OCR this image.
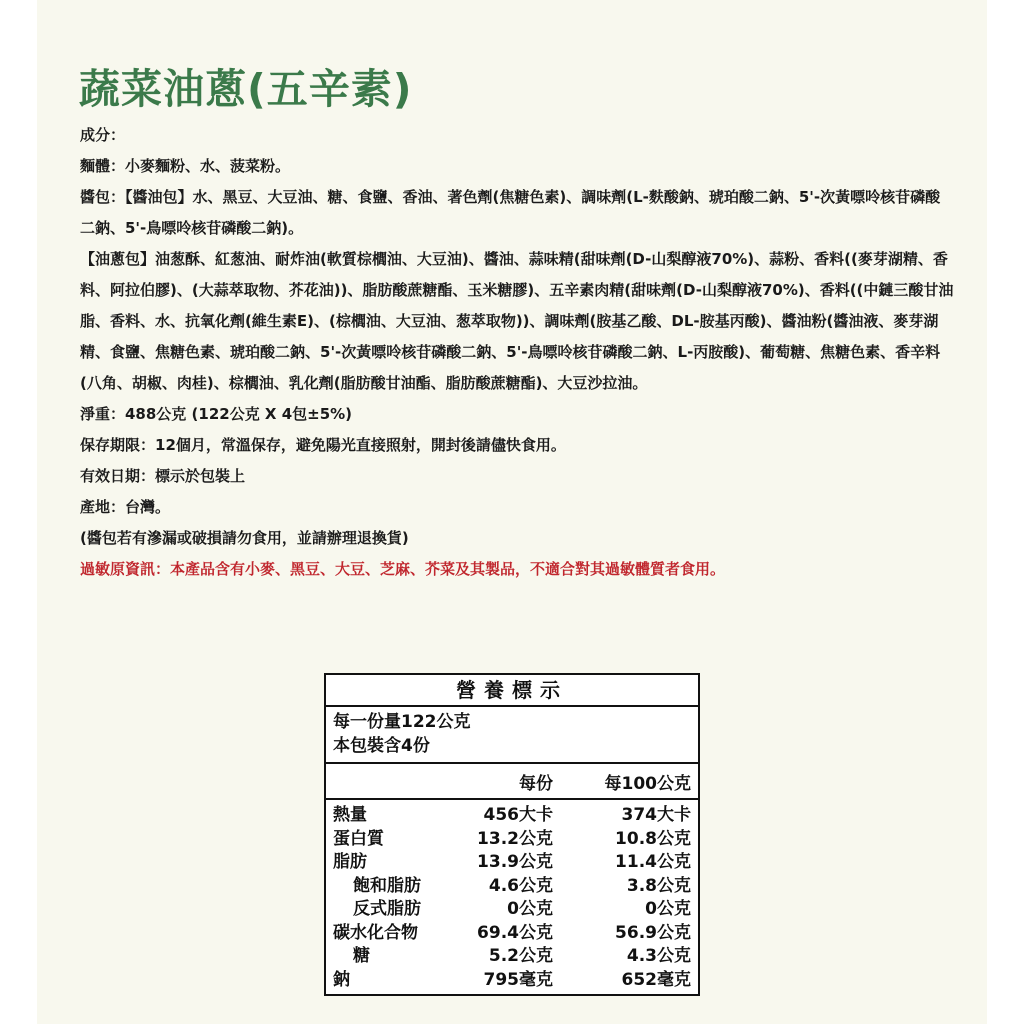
蔬菜油蔥(五辛素)

成分：

麵體：小麥麵粉、水、菠菜粉。

醬包：【醬油包】水、黑豆、大豆油、糖、食鹽、香油、著色劑(焦糖色素)、調味劑(L-麩酸鈉、琥珀酸二鈉、5'-次黃嘌呤核苷磷酸二鈉、5'-鳥嘌呤核苷磷酸二鈉)。

【油蔥包】油葱酥、紅葱油、耐炸油(軟質棕櫚油、大豆油)、醬油、蒜味精(甜味劑(D-山梨醇液70%)、蒜粉、香料((麥芽湖精、香料、阿拉伯膠)、(大蒜萃取物、芥花油))、脂肪酸蔗糖酯、玉米糖膠)、五辛素肉精(甜味劑(D-山梨醇液70%)、香料((中鏈三酸甘油脂、香料、水、抗氧化劑(維生素E)、(棕櫚油、大豆油、葱萃取物))、調味劑(胺基乙酸、DL-胺基丙酸)、醬油粉(醬油液、麥芽湖精、食鹽、焦糖色素、琥珀酸二鈉、5'-次黃嘌呤核苷磷酸二鈉、5'-鳥嘌呤核苷磷酸二鈉、L-丙胺酸)、葡萄糖、焦糖色素、香辛料(八角、胡椒、肉桂)、棕櫚油、乳化劑(脂肪酸甘油酯、脂肪酸蔗糖酯)、大豆沙拉油。

淨重：488公克 (122公克 X 4包±5%)

保存期限：12個月，常溫保存，避免陽光直接照射，開封後請儘快食用。

有效日期：標示於包裝上

產地：台灣。

(醬包若有滲漏或破損請勿食用，並請辦理退換貨)

過敏原資訊：本產品含有小麥、黑豆、大豆、芝麻、芥菜及其製品，不適合對其過敏體質者食用。

營養標示
每一份量122公克
本包裝含4份
每份	每100公克
熱量	456大卡	374大卡
蛋白質	13.2公克	10.8公克
脂肪	13.9公克	11.4公克
飽和脂肪	4.6公克	3.8公克
反式脂肪	0公克	0公克
碳水化合物	69.4公克	56.9公克
糖	5.2公克	4.3公克
鈉	795毫克	652毫克
